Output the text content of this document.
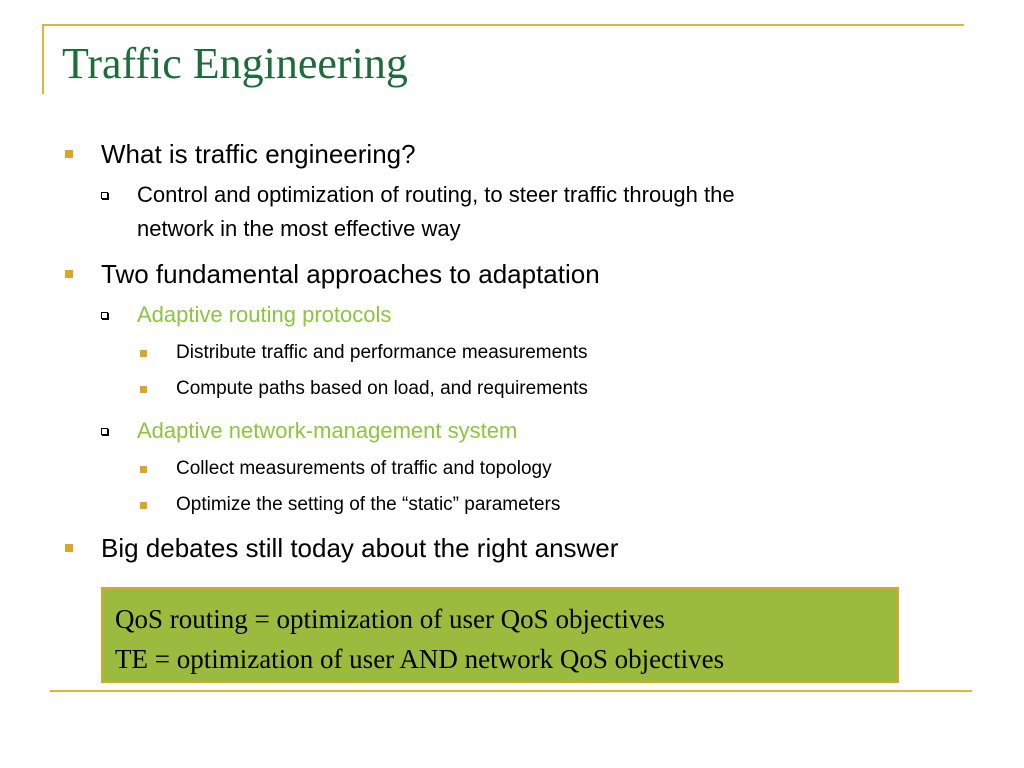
Traffic Engineering
What is traffic engineering?
Control and optimization of routing, to steer traffic through the
network in the most effective way
Two fundamental approaches to adaptation
Adaptive routing protocols
Distribute traffic and performance measurements
Compute paths based on load, and requirements
Adaptive network-management system
Collect measurements of traffic and topology
Optimize the setting of the “static” parameters
Big debates still today about the right answer
QoS routing = optimization of user QoS objectives
TE = optimization of user AND network QoS objectives
